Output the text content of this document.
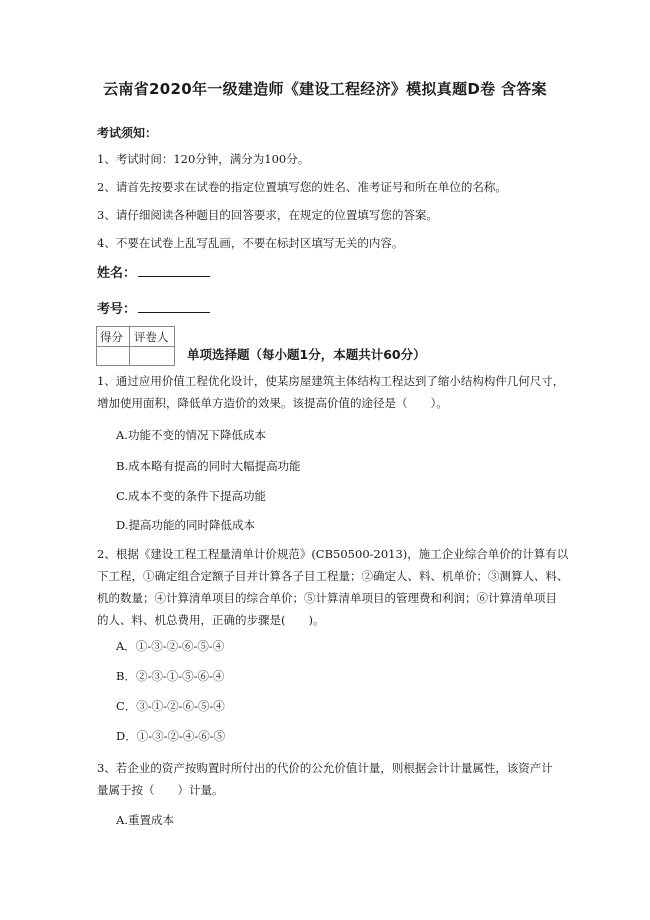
云南省2020年一级建造师《建设工程经济》模拟真题D卷 含答案
考试须知：
1、考试时间：120分钟，满分为100分。
2、请首先按要求在试卷的指定位置填写您的姓名、准考证号和所在单位的名称。
3、请仔细阅读各种题目的回答要求，在规定的位置填写您的答案。
4、不要在试卷上乱写乱画，不要在标封区填写无关的内容。
姓名：
考号：
得分 评卷人
单项选择题（每小题1分，本题共计60分）
1、通过应用价值工程优化设计，使某房屋建筑主体结构工程达到了缩小结构构件几何尺寸，
增加使用面积，降低单方造价的效果。该提高价值的途径是（　　）。
A.功能不变的情况下降低成本
B.成本略有提高的同时大幅提高功能
C.成本不变的条件下提高功能
D.提高功能的同时降低成本
2、根据《建设工程工程量清单计价规范》(CB50500-2013)，施工企业综合单价的计算有以
下工程，①确定组合定额子目并计算各子目工程量；②确定人、料、机单价；③测算人、料、
机的数量；④计算清单项目的综合单价；⑤计算清单项目的管理费和利润；⑥计算清单项目
的人、料、机总费用，正确的步骤是(　　)。
A．①-③-②-⑥-⑤-④
B．②-③-①-⑤-⑥-④
C．③-①-②-⑥-⑤-④
D．①-③-②-④-⑥-⑤
3、若企业的资产按购置时所付出的代价的公允价值计量，则根据会计计量属性，该资产计
量属于按（　　）计量。
A.重置成本
